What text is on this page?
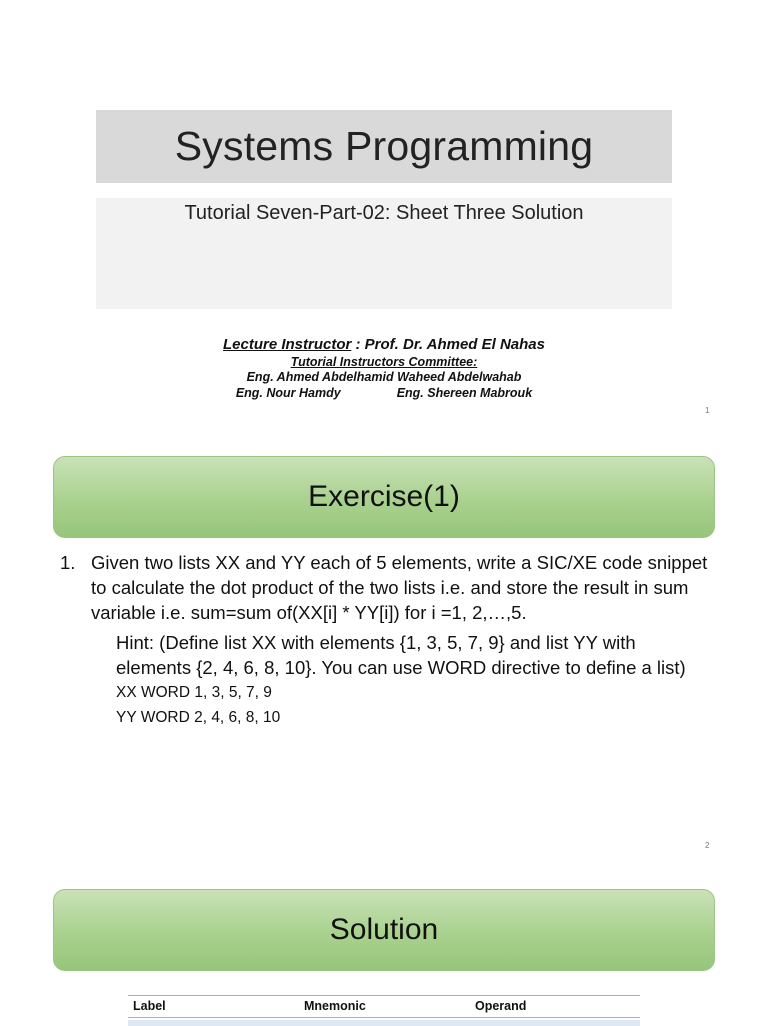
Systems Programming
Tutorial Seven-Part-02: Sheet Three Solution
Lecture Instructor : Prof. Dr. Ahmed El Nahas
Tutorial Instructors Committee:
Eng. Ahmed Abdelhamid Waheed Abdelwahab
Eng. Nour Hamdy	Eng. Shereen Mabrouk
1
Exercise(1)
1. Given two lists XX and YY each of 5 elements, write a SIC/XE code snippet to calculate the dot product of the two lists i.e. and store the result in sum variable i.e. sum=sum of(XX[i] * YY[i]) for i =1, 2,…,5.
Hint: (Define list XX with elements {1, 3, 5, 7, 9} and list YY with elements {2, 4, 6, 8, 10}. You can use WORD directive to define a list)
XX WORD 1, 3, 5, 7, 9
YY WORD 2, 4, 6, 8, 10
2
Solution
Label	Mnemonic	Operand
